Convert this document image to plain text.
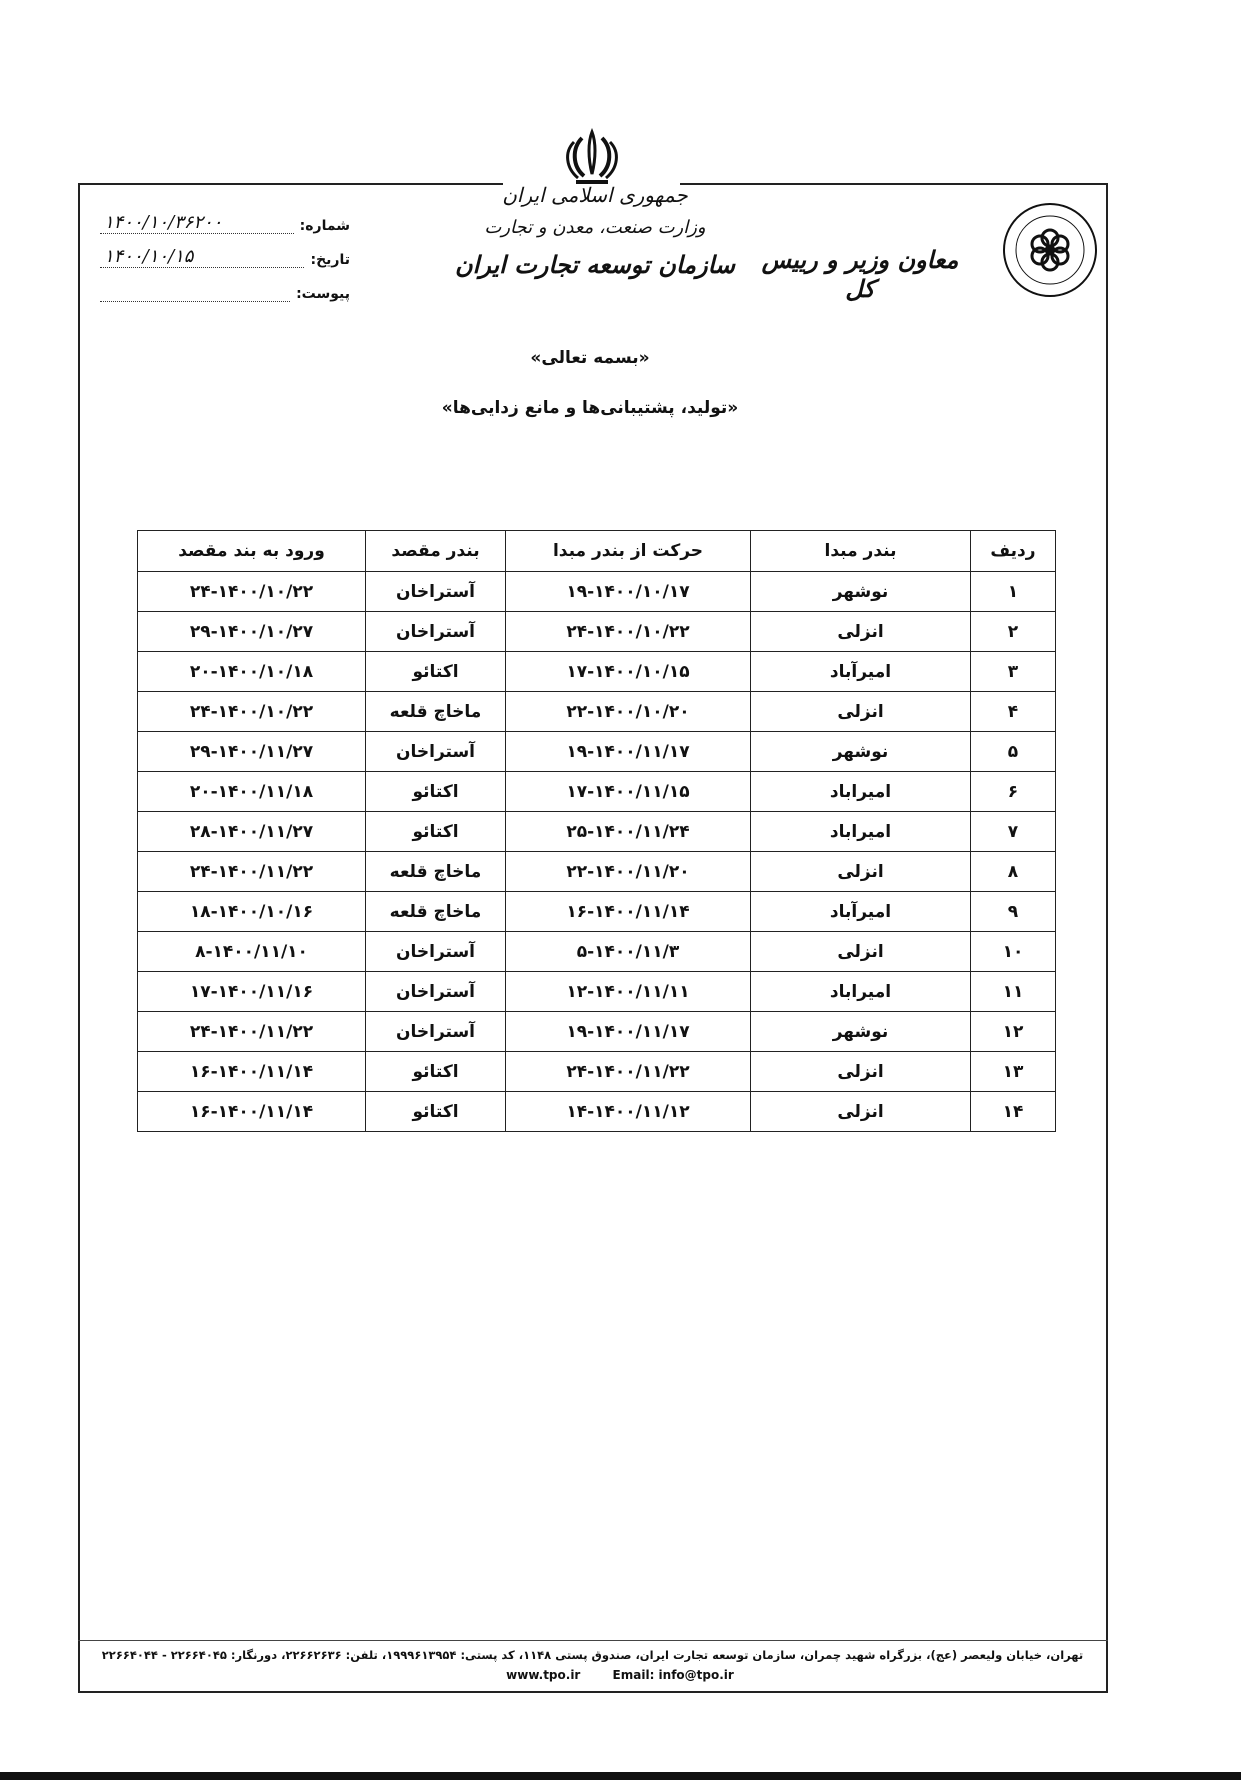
جمهوری اسلامی ایران
وزارت صنعت، معدن و تجارت
سازمان توسعه تجارت ایران	معاون وزیر و رییس کل
شماره:
۱۴۰۰/۱۰/۳۶۲۰۰
تاریخ:
۱۴۰۰/۱۰/۱۵
پیوست:
«بسمه تعالی»
«تولید، پشتیبانی‌ها و مانع زدایی‌ها»
ردیف	بندر مبدا	حرکت از بندر مبدا	بندر مقصد	ورود به بند مقصد
۱	نوشهر	۱۹-۱۴۰۰/۱۰/۱۷	آستراخان	۲۴-۱۴۰۰/۱۰/۲۲
۲	انزلی	۲۴-۱۴۰۰/۱۰/۲۲	آستراخان	۲۹-۱۴۰۰/۱۰/۲۷
۳	امیرآباد	۱۷-۱۴۰۰/۱۰/۱۵	اکتائو	۲۰-۱۴۰۰/۱۰/۱۸
۴	انزلی	۲۲-۱۴۰۰/۱۰/۲۰	ماخاچ قلعه	۲۴-۱۴۰۰/۱۰/۲۲
۵	نوشهر	۱۹-۱۴۰۰/۱۱/۱۷	آستراخان	۲۹-۱۴۰۰/۱۱/۲۷
۶	امیراباد	۱۷-۱۴۰۰/۱۱/۱۵	اکتائو	۲۰-۱۴۰۰/۱۱/۱۸
۷	امیراباد	۲۵-۱۴۰۰/۱۱/۲۴	اکتائو	۲۸-۱۴۰۰/۱۱/۲۷
۸	انزلی	۲۲-۱۴۰۰/۱۱/۲۰	ماخاچ قلعه	۲۴-۱۴۰۰/۱۱/۲۲
۹	امیرآباد	۱۶-۱۴۰۰/۱۱/۱۴	ماخاچ قلعه	۱۸-۱۴۰۰/۱۰/۱۶
۱۰	انزلی	۵-۱۴۰۰/۱۱/۳	آستراخان	۸-۱۴۰۰/۱۱/۱۰
۱۱	امیراباد	۱۲-۱۴۰۰/۱۱/۱۱	آستراخان	۱۷-۱۴۰۰/۱۱/۱۶
۱۲	نوشهر	۱۹-۱۴۰۰/۱۱/۱۷	آستراخان	۲۴-۱۴۰۰/۱۱/۲۲
۱۳	انزلی	۲۴-۱۴۰۰/۱۱/۲۲	اکتائو	۱۶-۱۴۰۰/۱۱/۱۴
۱۴	انزلی	۱۴-۱۴۰۰/۱۱/۱۲	اکتائو	۱۶-۱۴۰۰/۱۱/۱۴
تهران، خیابان ولیعصر (عج)، بزرگراه شهید چمران، سازمان توسعه تجارت ایران، صندوق پستی ۱۱۴۸، کد پستی: ۱۹۹۹۶۱۳۹۵۴، تلفن: ۲۲۶۶۲۶۳۶، دورنگار: ۲۲۶۶۴۰۴۵ - ۲۲۶۶۴۰۴۴
www.tpo.ir	Email: info@tpo.ir
